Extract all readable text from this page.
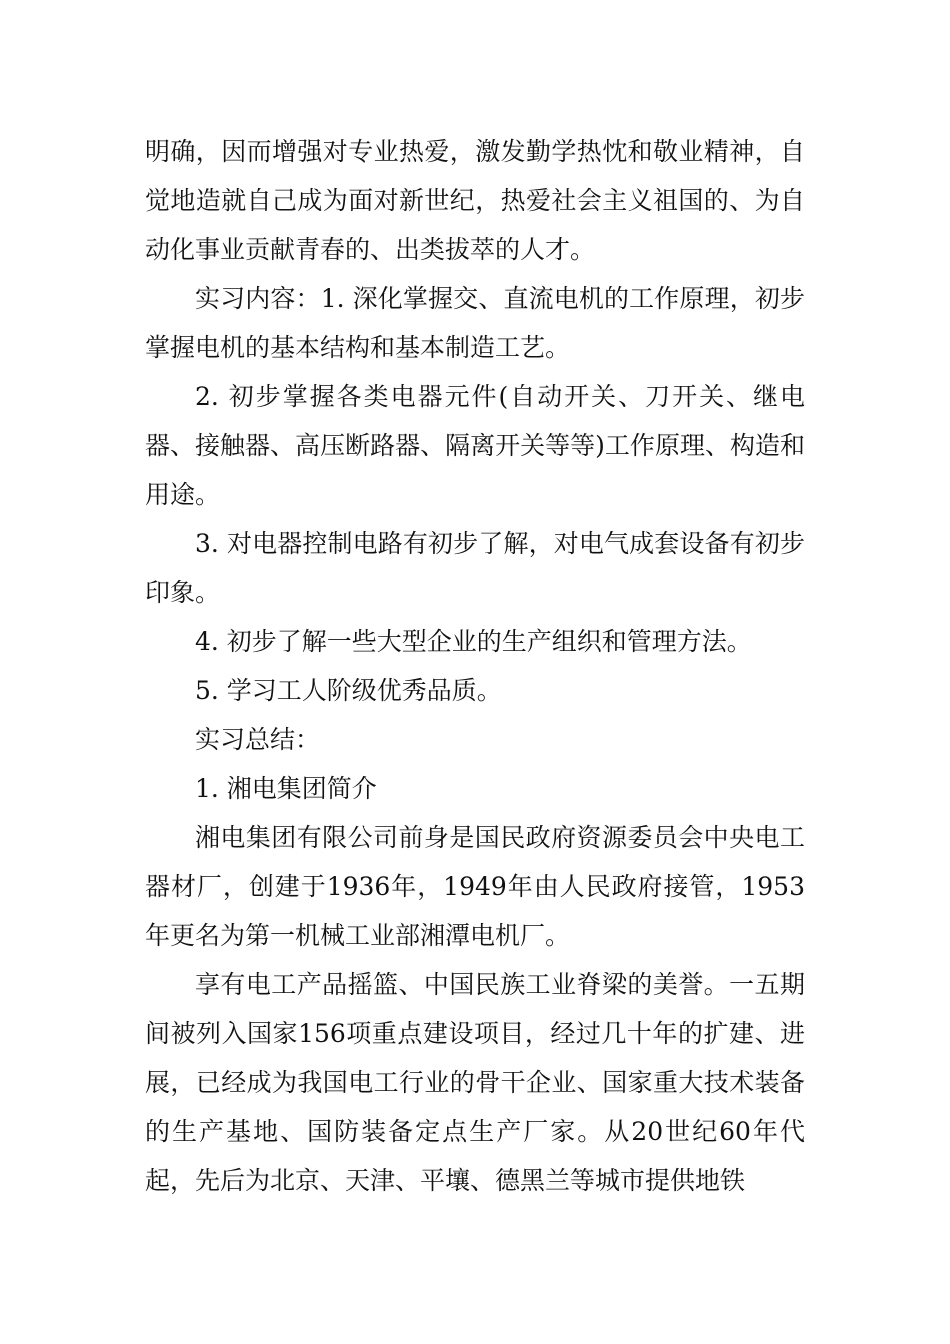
明确，因而增强对专业热爱，激发勤学热忱和敬业精神，自觉地造就自己成为面对新世纪，热爱社会主义祖国的、为自动化事业贡献青春的、出类拔萃的人才。

实习内容：1. 深化掌握交、直流电机的工作原理，初步掌握电机的基本结构和基本制造工艺。

2. 初步掌握各类电器元件(自动开关、刀开关、继电器、接触器、高压断路器、隔离开关等等)工作原理、构造和用途。

3. 对电器控制电路有初步了解，对电气成套设备有初步印象。

4. 初步了解一些大型企业的生产组织和管理方法。

5. 学习工人阶级优秀品质。

实习总结：

1. 湘电集团简介

湘电集团有限公司前身是国民政府资源委员会中央电工器材厂，创建于1936年，1949年由人民政府接管，1953年更名为第一机械工业部湘潭电机厂。

享有电工产品摇篮、中国民族工业脊梁的美誉。一五期间被列入国家156项重点建设项目，经过几十年的扩建、进展，已经成为我国电工行业的骨干企业、国家重大技术装备的生产基地、国防装备定点生产厂家。从20世纪60年代起，先后为北京、天津、平壤、德黑兰等城市提供地铁
